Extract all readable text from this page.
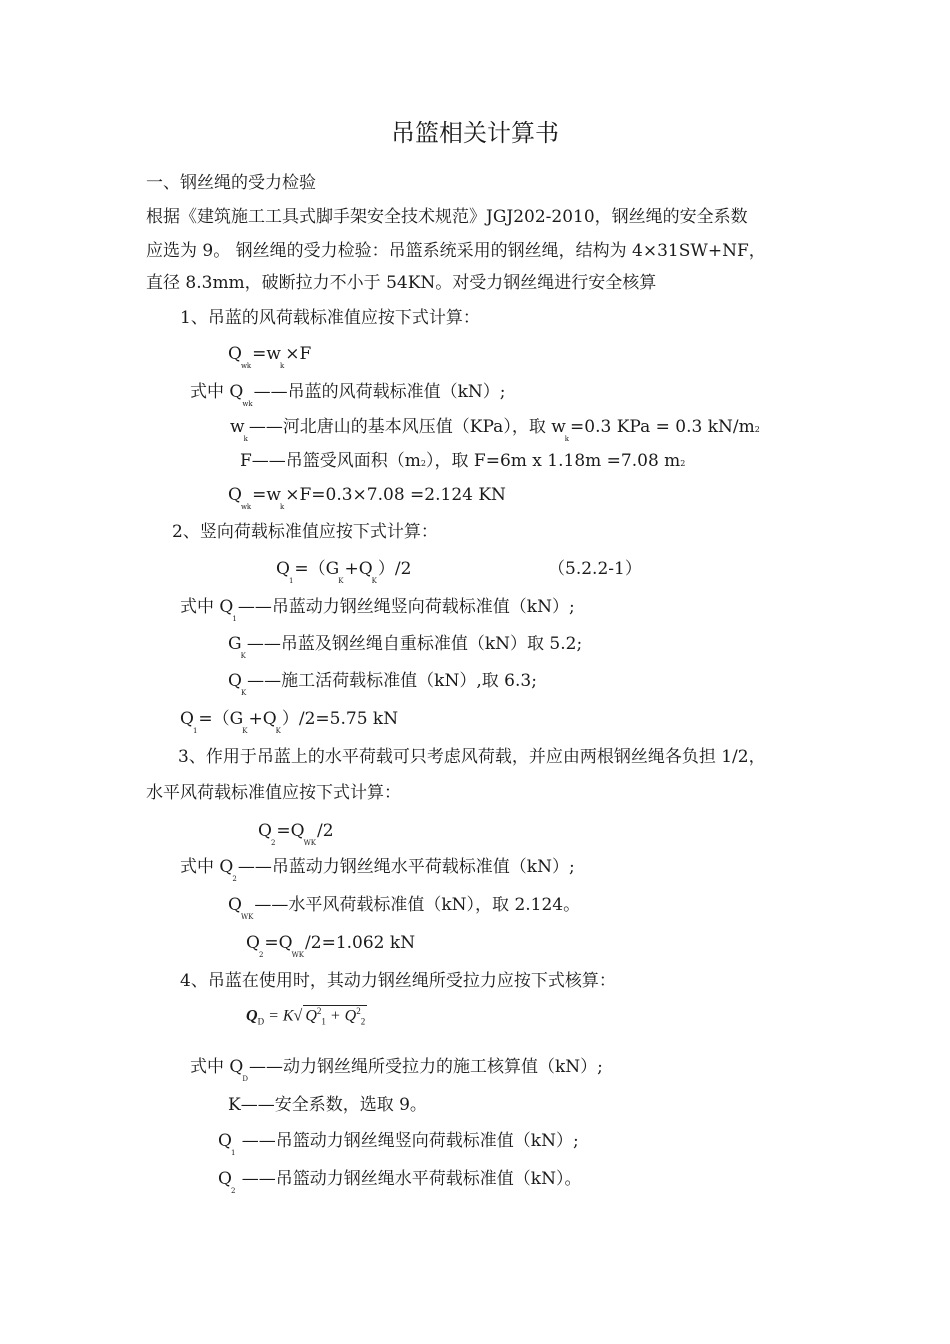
吊篮相关计算书
一、钢丝绳的受力检验
根据《建筑施工工具式脚手架安全技术规范》JGJ202-2010，钢丝绳的安全系数
应选为 9。 钢丝绳的受力检验：吊篮系统采用的钢丝绳，结构为 4×31SW+NF，
直径 8.3mm，破断拉力不小于 54KN。对受力钢丝绳进行安全核算
1、吊蓝的风荷载标准值应按下式计算：
$Q_{wk}=w_k\times F$
式中 $Q_{wk}——$吊蓝的风荷载标准值（kN）;
$w_k——$河北唐山的基本风压值（KPa），取 $w_k=0.3$ KPa = 0.3 kN/m2
F——吊篮受风面积（m2），取 F=6m x 1.18m =7.08 m2
$Q_{wk}=w_k\times F=0.3\times 7.08 =2.124$ KN
2、竖向荷载标准值应按下式计算：
$Q_1=(G_K+Q_K)/2$	（5.2.2-1）
式中 $Q_1——$吊蓝动力钢丝绳竖向荷载标准值（kN）;
$G_K——$吊蓝及钢丝绳自重标准值（kN）取 5.2;
$Q_K——$施工活荷载标准值（kN）,取 6.3;
$Q_1=(G_K+Q_K)/2=5.75$ kN
3、作用于吊蓝上的水平荷载可只考虑风荷载，并应由两根钢丝绳各负担 1/2，
水平风荷载标准值应按下式计算：
$Q_2=Q_{WK}/2$
式中 $Q_2——$吊蓝动力钢丝绳水平荷载标准值（kN）;
$Q_{WK}——$水平风荷载标准值（kN），取 2.124。
$Q_2=Q_{WK}/2=1.062$ kN
4、吊蓝在使用时，其动力钢丝绳所受拉力应按下式核算：
$Q_D = K√$ $Q^2_1 + Q^2_2$
式中 $Q_D——$动力钢丝绳所受拉力的施工核算值（kN）;
K——安全系数，选取 9。
$Q_1$ ——吊篮动力钢丝绳竖向荷载标准值（kN）;
$Q_2$ ——吊篮动力钢丝绳水平荷载标准值（kN）。
